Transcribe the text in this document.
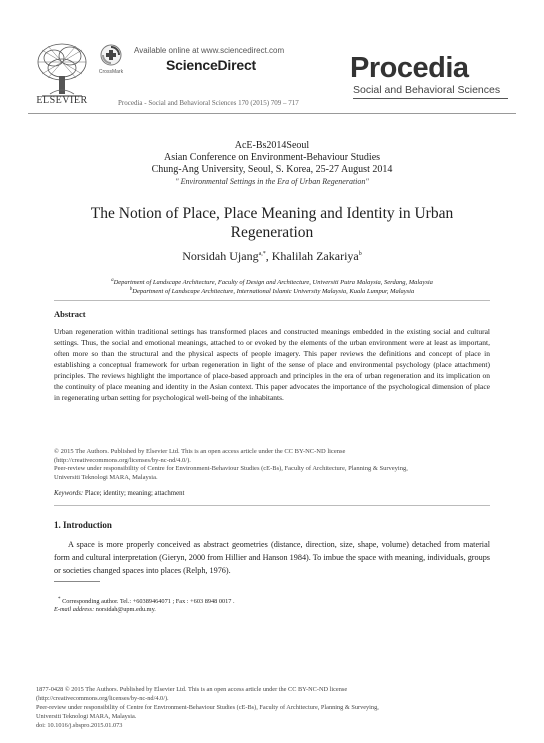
ELSEVIER
CrossMark
Available online at www.sciencedirect.com
ScienceDirect	Procedia
Social and Behavioral Sciences
Procedia - Social and Behavioral Sciences 170 (2015) 709 – 717
AcE-Bs2014Seoul
Asian Conference on Environment-Behaviour Studies
Chung-Ang University, Seoul, S. Korea, 25-27 August 2014
" Environmental Settings in the Era of Urban Regeneration"
The Notion of Place, Place Meaning and Identity in Urban Regeneration
Norsidah Ujang$^{a,*}$, Khalilah Zakariya$^b$
$^a$Department of Landscape Architecture, Faculty of Design and Architecture, Universiti Putra Malaysia, Serdang, Malaysia
$^b$Department of Landscape Architecture, International Islamic University Malaysia, Kuala Lumpur, Malaysia
Abstract
Urban regeneration within traditional settings has transformed places and constructed meanings embedded in the existing social and cultural settings. Thus, the social and emotional meanings, attached to or evoked by the elements of the urban environment were at least as important, often more so than the structural and the physical aspects of people imagery. This paper reviews the definitions and concept of place in establishing a conceptual framework for urban regeneration in light of the sense of place and environmental psychology (place attachment) principles. The reviews highlight the importance of place-based approach and principles in the era of urban regeneration and its implication on the continuity of place meaning and identity in the Asian context. This paper advocates the importance of the psychological dimension of place in regenerating urban setting for psychological well-being of the inhabitants.
© 2015 The Authors. Published by Elsevier Ltd. This is an open access article under the CC BY-NC-ND license
(http://creativecommons.org/licenses/by-nc-nd/4.0/).
Peer-review under responsibility of Centre for Environment-Behaviour Studies (cE-Bs), Faculty of Architecture, Planning & Surveying,
Universiti Teknologi MARA, Malaysia.
Keywords: Place; identity; meaning; attachment
1. Introduction
A space is more properly conceived as abstract geometries (distance, direction, size, shape, volume) detached from material form and cultural interpretation (Gieryn, 2000 from Hillier and Hanson 1984). To imbue the space with meaning, individuals, groups or societies changed spaces into places (Relph, 1976).
* Corresponding author. Tel.: +60389464071 ; Fax : +603 8948 0017 .
E-mail address: norsidah@upm.edu.my.
1877-0428 © 2015 The Authors. Published by Elsevier Ltd. This is an open access article under the CC BY-NC-ND license
(http://creativecommons.org/licenses/by-nc-nd/4.0/).
Peer-review under responsibility of Centre for Environment-Behaviour Studies (cE-Bs), Faculty of Architecture, Planning & Surveying,
Universiti Teknologi MARA, Malaysia.
doi: 10.1016/j.sbspro.2015.01.073
